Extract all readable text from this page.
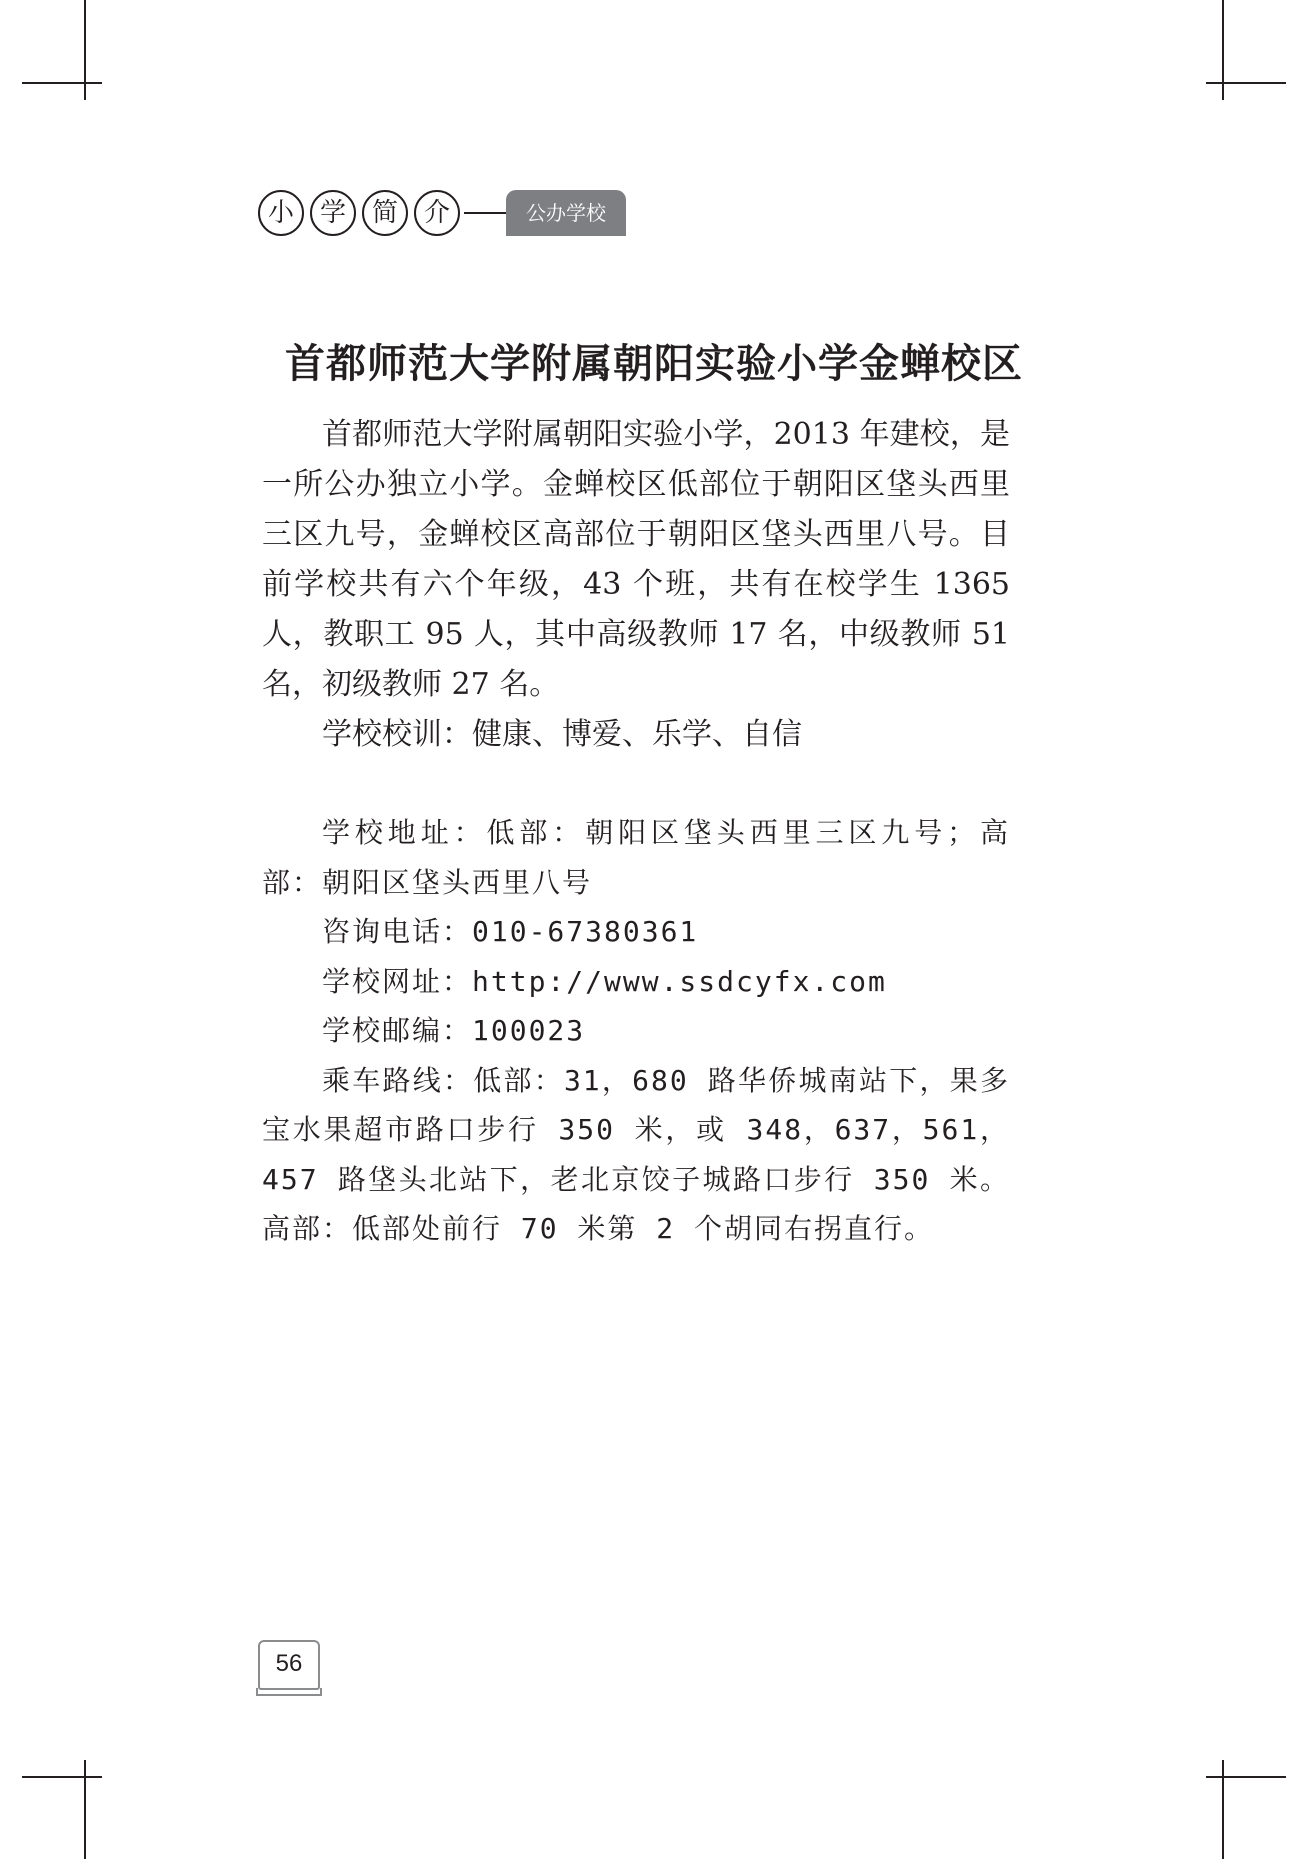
小 学 简 介	公办学校
首都师范大学附属朝阳实验小学金蝉校区

首都师范大学附属朝阳实验小学，2013 年建校，是一所公办独立小学。金蝉校区低部位于朝阳区垡头西里三区九号，金蝉校区高部位于朝阳区垡头西里八号。目前学校共有六个年级，43 个班，共有在校学生 1365 人，教职工 95 人，其中高级教师 17 名，中级教师 51 名，初级教师 27 名。

学校校训：健康、博爱、乐学、自信

学校地址：低部：朝阳区垡头西里三区九号；高部：朝阳区垡头西里八号

咨询电话：010-67380361

学校网址：http://www.ssdcyfx.com

学校邮编：100023

乘车路线：低部：31，680 路华侨城南站下，果多宝水果超市路口步行 350 米，或 348，637，561，457 路垡头北站下，老北京饺子城路口步行 350 米。高部：低部处前行 70 米第 2 个胡同右拐直行。

56
